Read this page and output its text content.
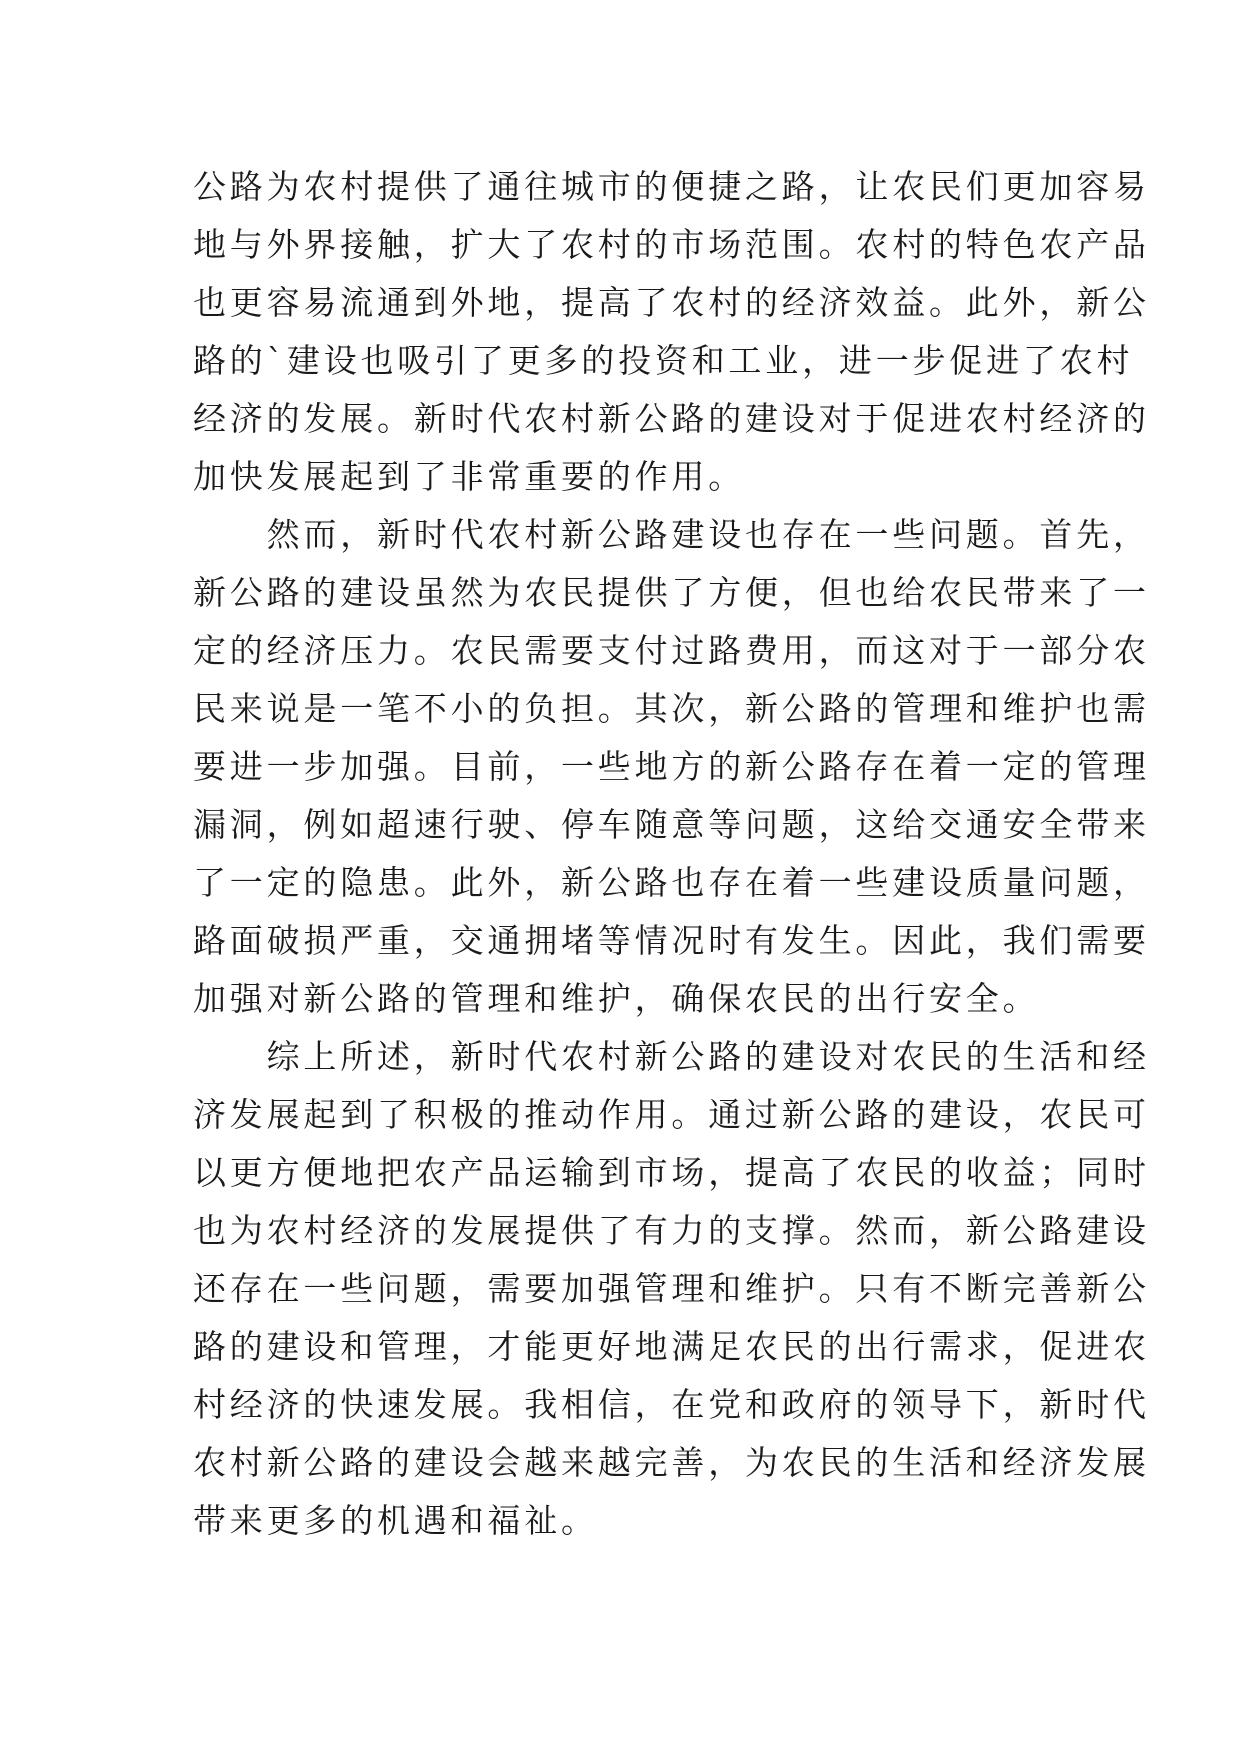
公路为农村提供了通往城市的便捷之路，让农民们更加容易
地与外界接触，扩大了农村的市场范围。农村的特色农产品
也更容易流通到外地，提高了农村的经济效益。此外，新公
路的`建设也吸引了更多的投资和工业，进一步促进了农村
经济的发展。新时代农村新公路的建设对于促进农村经济的
加快发展起到了非常重要的作用。
　　然而，新时代农村新公路建设也存在一些问题。首先，
新公路的建设虽然为农民提供了方便，但也给农民带来了一
定的经济压力。农民需要支付过路费用，而这对于一部分农
民来说是一笔不小的负担。其次，新公路的管理和维护也需
要进一步加强。目前，一些地方的新公路存在着一定的管理
漏洞，例如超速行驶、停车随意等问题，这给交通安全带来
了一定的隐患。此外，新公路也存在着一些建设质量问题，
路面破损严重，交通拥堵等情况时有发生。因此，我们需要
加强对新公路的管理和维护，确保农民的出行安全。
　　综上所述，新时代农村新公路的建设对农民的生活和经
济发展起到了积极的推动作用。通过新公路的建设，农民可
以更方便地把农产品运输到市场，提高了农民的收益；同时
也为农村经济的发展提供了有力的支撑。然而，新公路建设
还存在一些问题，需要加强管理和维护。只有不断完善新公
路的建设和管理，才能更好地满足农民的出行需求，促进农
村经济的快速发展。我相信，在党和政府的领导下，新时代
农村新公路的建设会越来越完善，为农民的生活和经济发展
带来更多的机遇和福祉。
